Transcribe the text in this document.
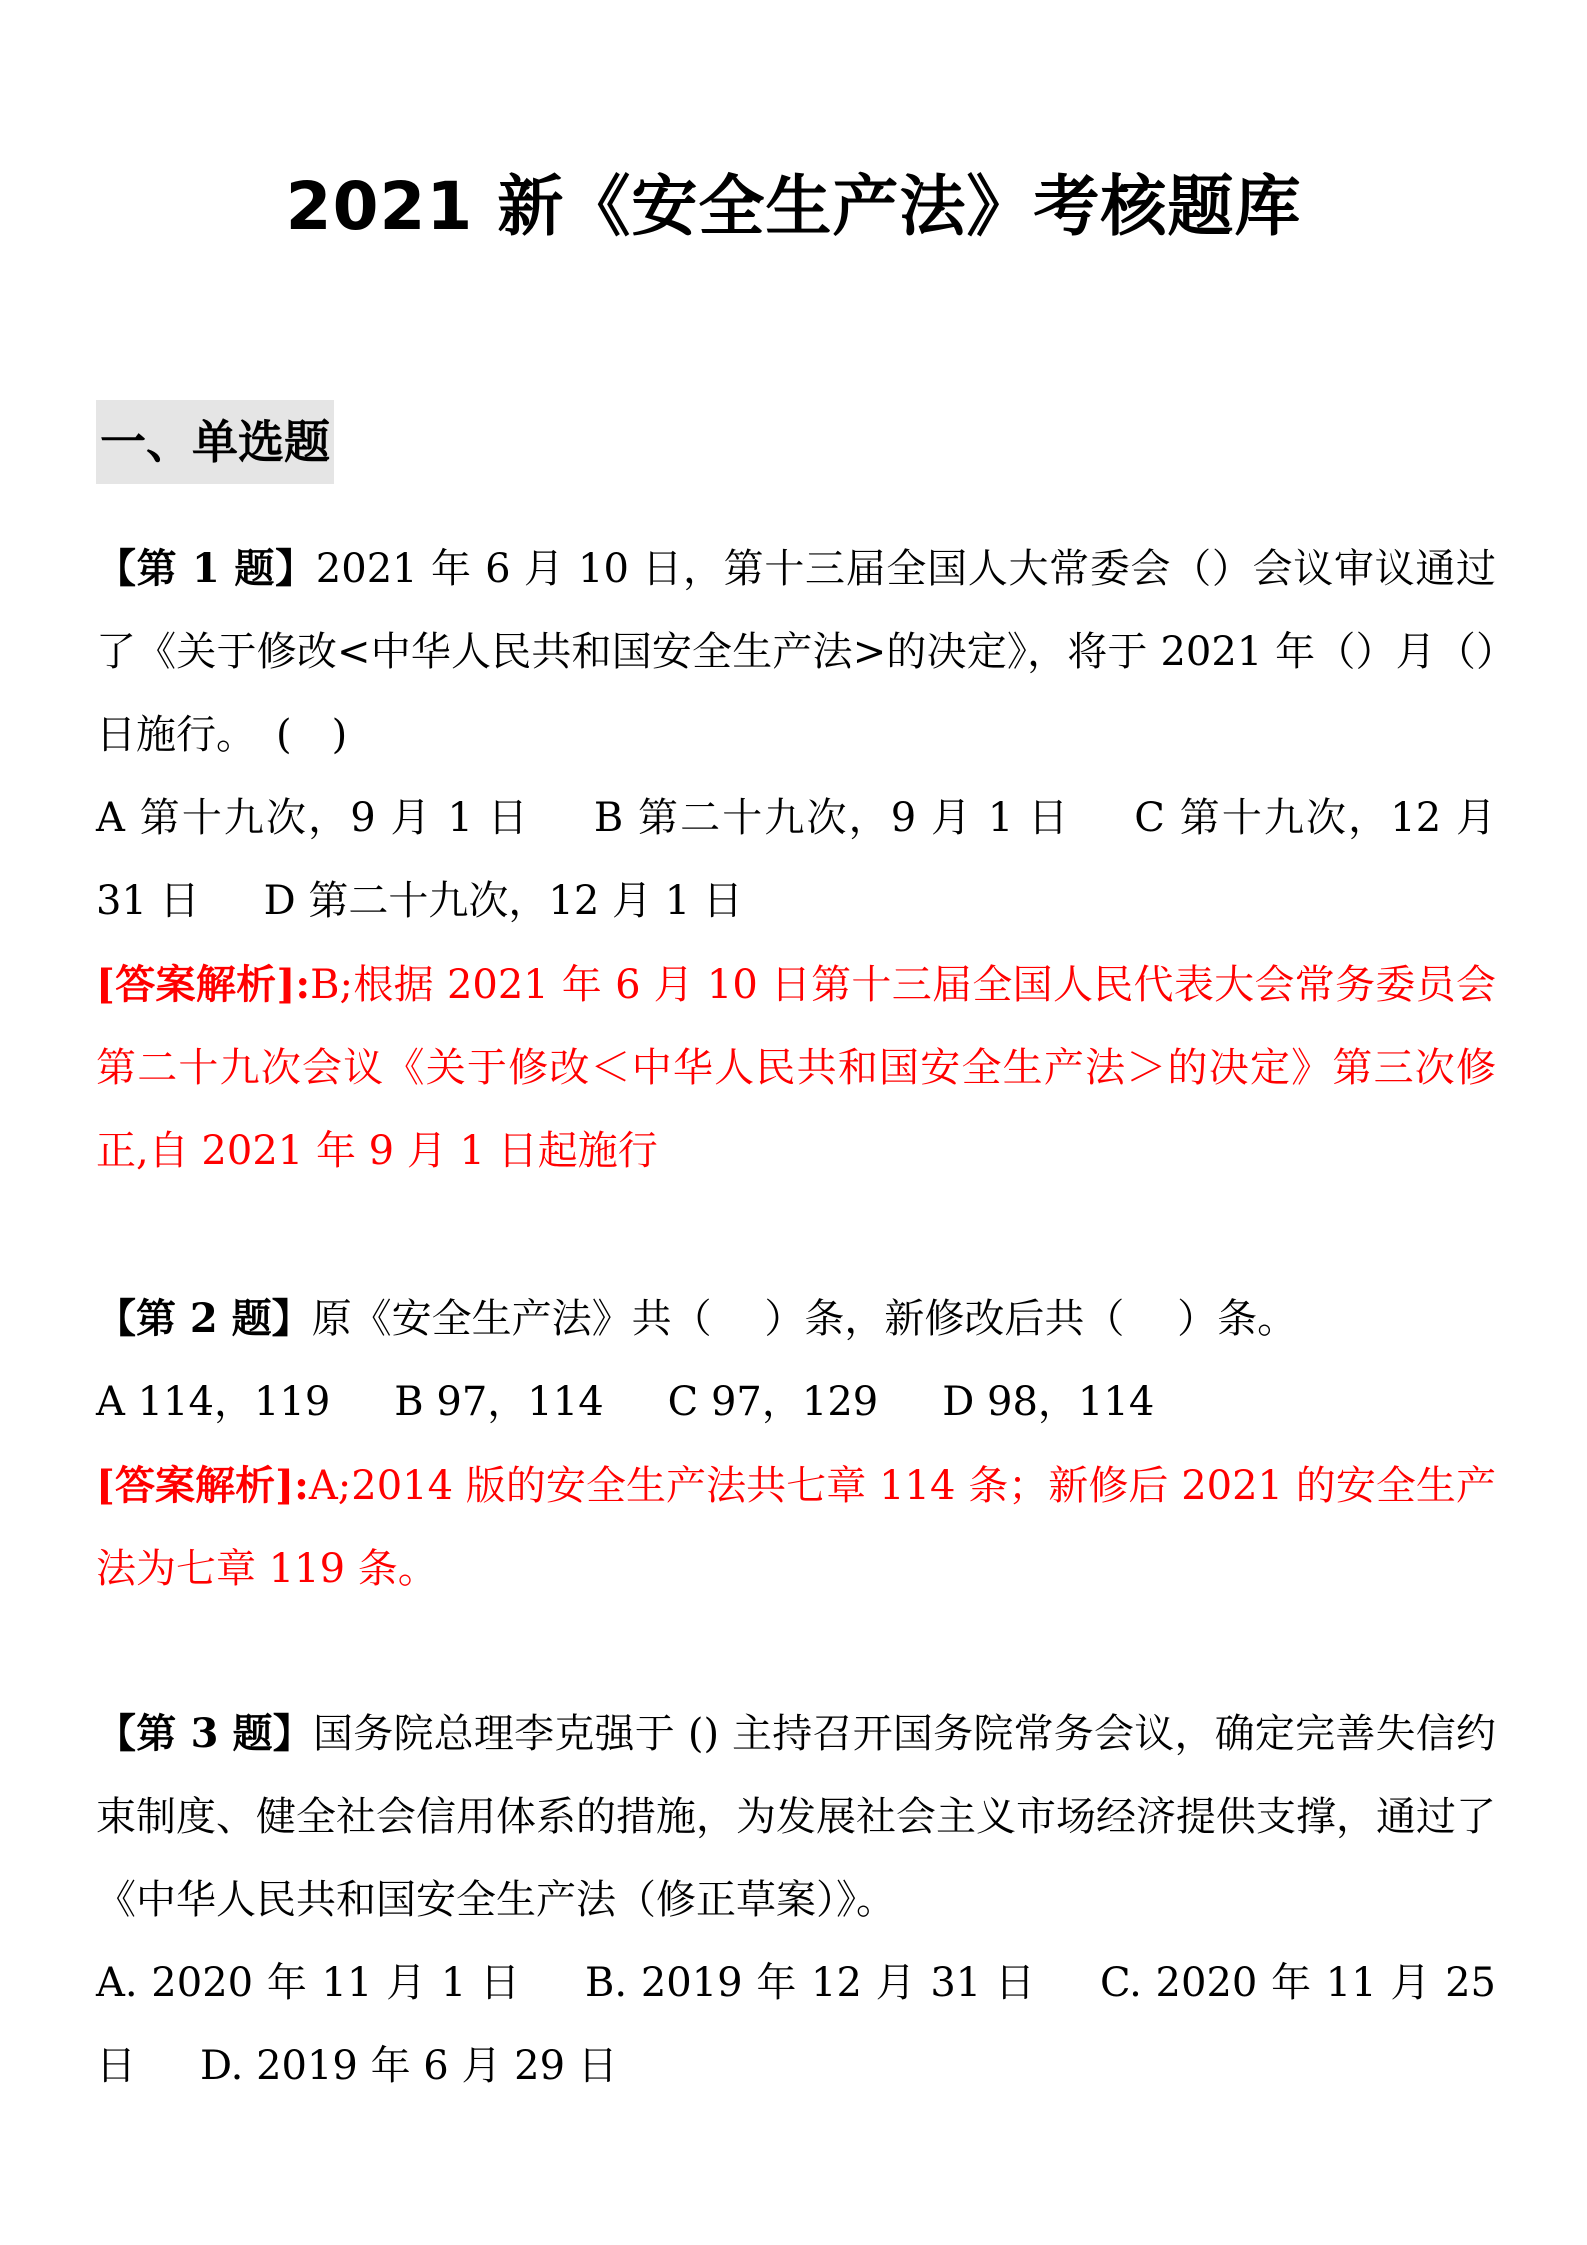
2021 新《安全生产法》考核题库
一、单选题

【第 1 题】2021 年 6 月 10 日，第十三届全国人大常委会（）会议审议通过了《关于修改<中华人民共和国安全生产法>的决定》，将于 2021 年（）月（）日施行。　(　)

A 第十九次，9 月 1 日 B 第二十九次，9 月 1 日 C 第十九次，12 月 31 日 D 第二十九次，12 月 1 日

[答案解析]:B;根据 2021 年 6 月 10 日第十三届全国人民代表大会常务委员会第二十九次会议《关于修改＜中华人民共和国安全生产法＞的决定》第三次修正,自 2021 年 9 月 1 日起施行

【第 2 题】原《安全生产法》共（　 ）条，新修改后共（　 ）条。

A 114，119 B 97，114 C 97，129 D 98，114

[答案解析]:A;2014 版的安全生产法共七章 114 条；新修后 2021 的安全生产法为七章 119 条。

【第 3 题】国务院总理李克强于 () 主持召开国务院常务会议，确定完善失信约束制度、健全社会信用体系的措施，为发展社会主义市场经济提供支撑，通过了《中华人民共和国安全生产法（修正草案）》。

A. 2020 年 11 月 1 日 B. 2019 年 12 月 31 日 C. 2020 年 11 月 25 日 D. 2019 年 6 月 29 日
